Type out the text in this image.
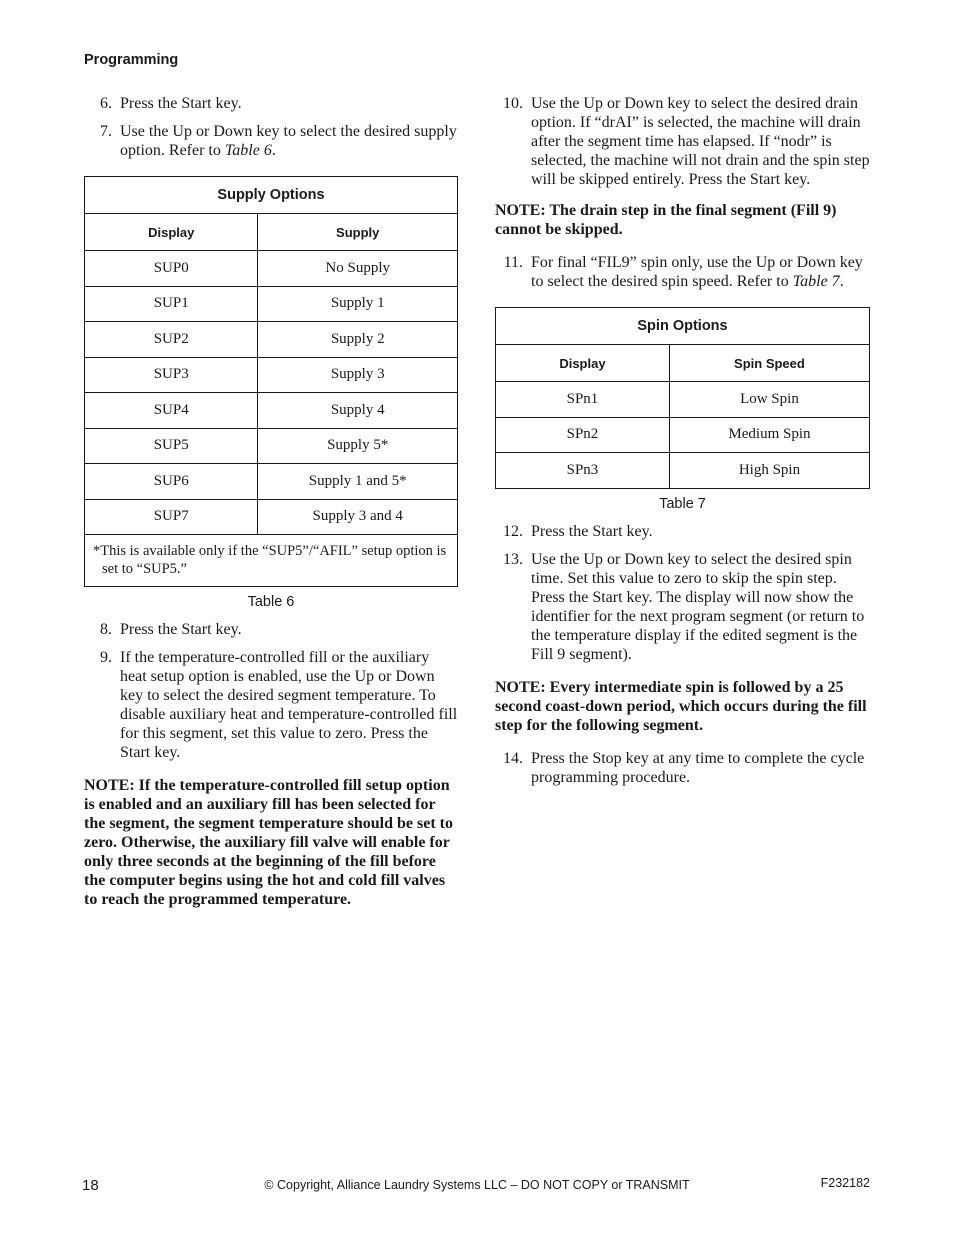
Programming
6. Press the Start key.
7. Use the Up or Down key to select the desired supply option. Refer to Table 6.
Supply Options	
Display	Supply
SUP0	No Supply
SUP1	Supply 1
SUP2	Supply 2
SUP3	Supply 3
SUP4	Supply 4
SUP5	Supply 5*
SUP6	Supply 1 and 5*
SUP7	Supply 3 and 4

*This is available only if the “SUP5”/“AFIL” setup option is set to “SUP5.”	
Table 6
8. Press the Start key.
9. If the temperature-controlled fill or the auxiliary heat setup option is enabled, use the Up or Down key to select the desired segment temperature. To disable auxiliary heat and temperature-controlled fill for this segment, set this value to zero. Press the Start key.
NOTE: If the temperature-controlled fill setup option is enabled and an auxiliary fill has been selected for the segment, the segment temperature should be set to zero. Otherwise, the auxiliary fill valve will enable for only three seconds at the beginning of the fill before the computer begins using the hot and cold fill valves to reach the programmed temperature.
10. Use the Up or Down key to select the desired drain option. If “drAI” is selected, the machine will drain after the segment time has elapsed. If “nodr” is selected, the machine will not drain and the spin step will be skipped entirely. Press the Start key.
NOTE: The drain step in the final segment (Fill 9) cannot be skipped.
11. For final “FIL9” spin only, use the Up or Down key to select the desired spin speed. Refer to Table 7.
Spin Options	
Display	Spin Speed
SPn1	Low Spin
SPn2	Medium Spin
SPn3	High Spin
Table 7
12. Press the Start key.
13. Use the Up or Down key to select the desired spin time. Set this value to zero to skip the spin step. Press the Start key. The display will now show the identifier for the next program segment (or return to the temperature display if the edited segment is the Fill 9 segment).
NOTE: Every intermediate spin is followed by a 25 second coast-down period, which occurs during the fill step for the following segment.
14. Press the Stop key at any time to complete the cycle programming procedure.
18	© Copyright, Alliance Laundry Systems LLC – DO NOT COPY or TRANSMIT	F232182
